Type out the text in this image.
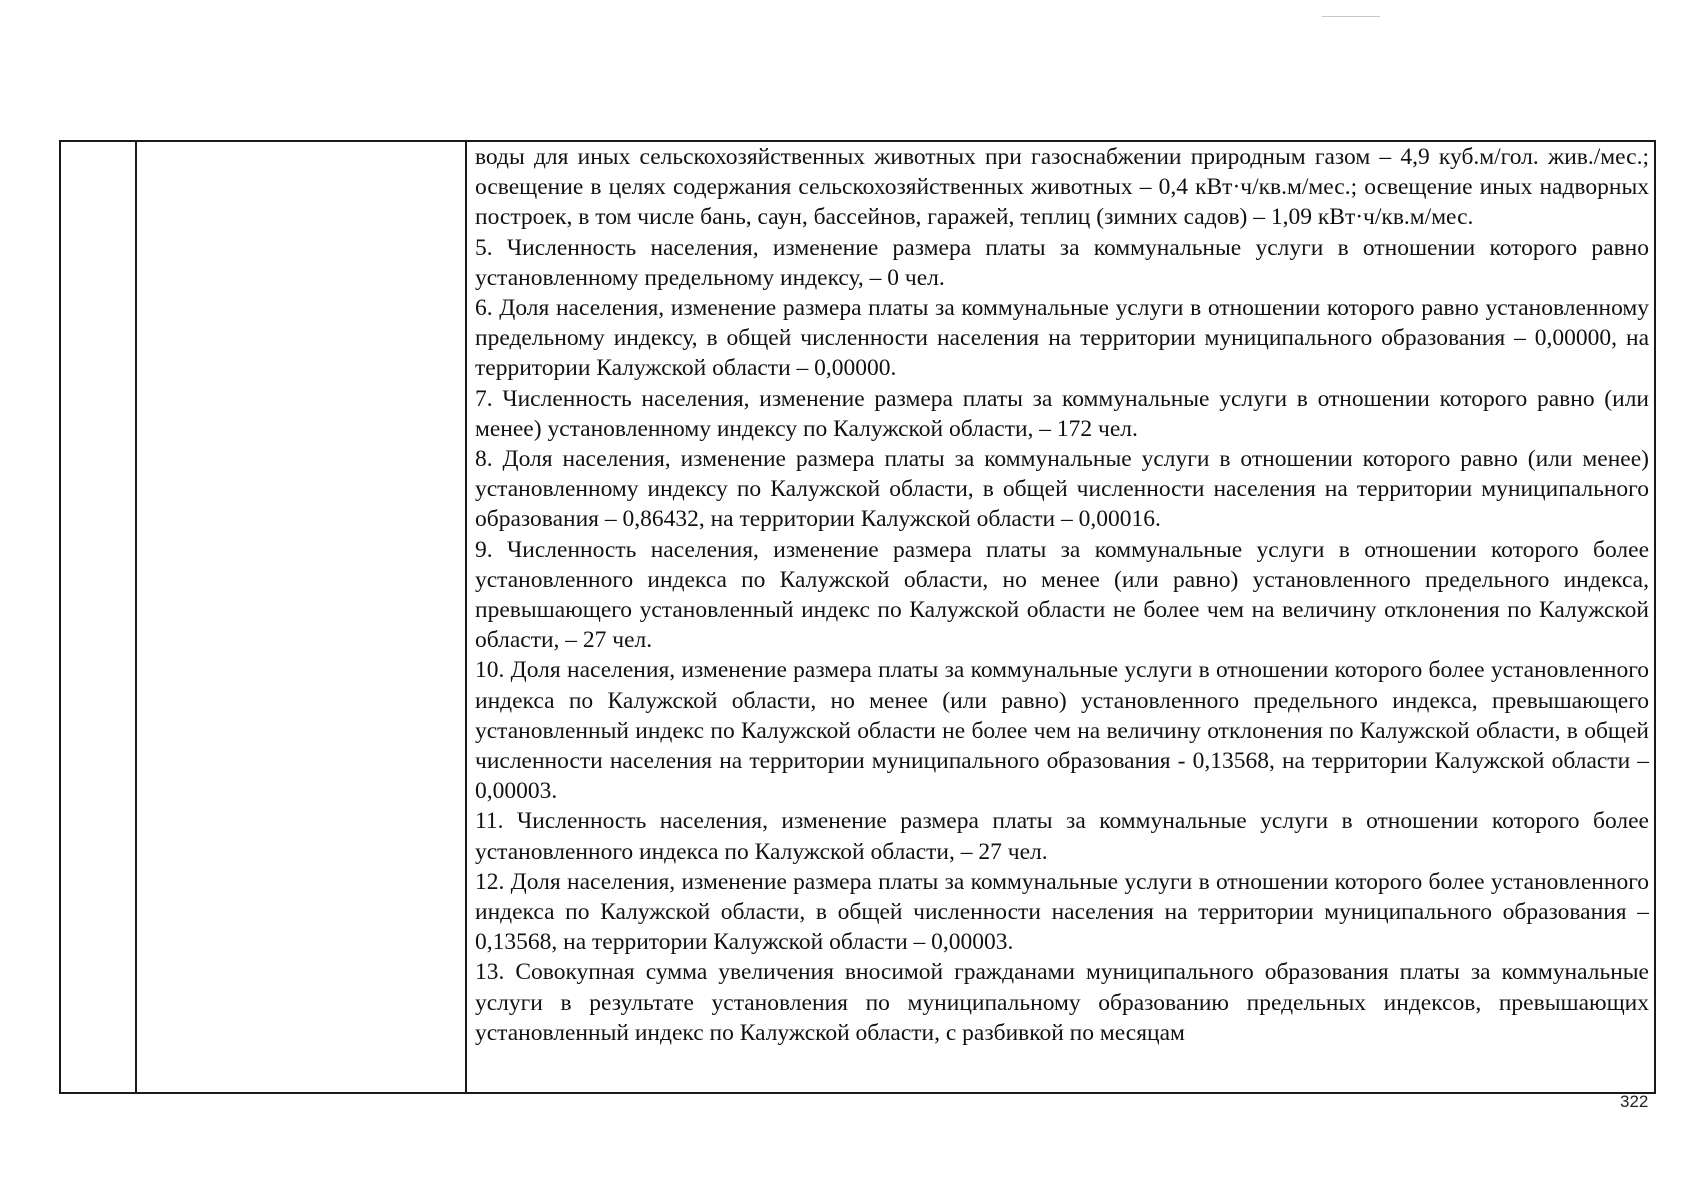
воды для иных сельскохозяйственных животных при газоснабжении природным газом – 4,9 куб.м/гол. жив./мес.; освещение в целях содержания сельскохозяйственных животных – 0,4 кВт·ч/кв.м/мес.; освещение иных надворных построек, в том числе бань, саун, бассейнов, гаражей, теплиц (зимних садов) – 1,09 кВт·ч/кв.м/мес.

5. Численность населения, изменение размера платы за коммунальные услуги в отношении которого равно установленному предельному индексу, – 0 чел.

6. Доля населения, изменение размера платы за коммунальные услуги в отношении которого равно установленному предельному индексу, в общей численности населения на территории муниципального образования – 0,00000, на территории Калужской области – 0,00000.

7. Численность населения, изменение размера платы за коммунальные услуги в отношении которого равно (или менее) установленному индексу по Калужской области, – 172 чел.

8. Доля населения, изменение размера платы за коммунальные услуги в отношении которого равно (или менее) установленному индексу по Калужской области, в общей численности населения на территории муниципального образования – 0,86432, на территории Калужской области – 0,00016.

9. Численность населения, изменение размера платы за коммунальные услуги в отношении которого более установленного индекса по Калужской области, но менее (или равно) установленного предельного индекса, превышающего установленный индекс по Калужской области не более чем на величину отклонения по Калужской области, – 27 чел.

10. Доля населения, изменение размера платы за коммунальные услуги в отношении которого более установленного индекса по Калужской области, но менее (или равно) установленного предельного индекса, превышающего установленный индекс по Калужской области не более чем на величину отклонения по Калужской области, в общей численности населения на территории муниципального образования - 0,13568, на территории Калужской области – 0,00003.

11. Численность населения, изменение размера платы за коммунальные услуги в отношении которого более установленного индекса по Калужской области, – 27 чел.

12. Доля населения, изменение размера платы за коммунальные услуги в отношении которого более установленного индекса по Калужской области, в общей численности населения на территории муниципального образования – 0,13568, на территории Калужской области – 0,00003.

13. Совокупная сумма увеличения вносимой гражданами муниципального образования платы за коммунальные услуги в результате установления по муниципальному образованию предельных индексов, превышающих установленный индекс по Калужской области, с разбивкой по месяцам

322
